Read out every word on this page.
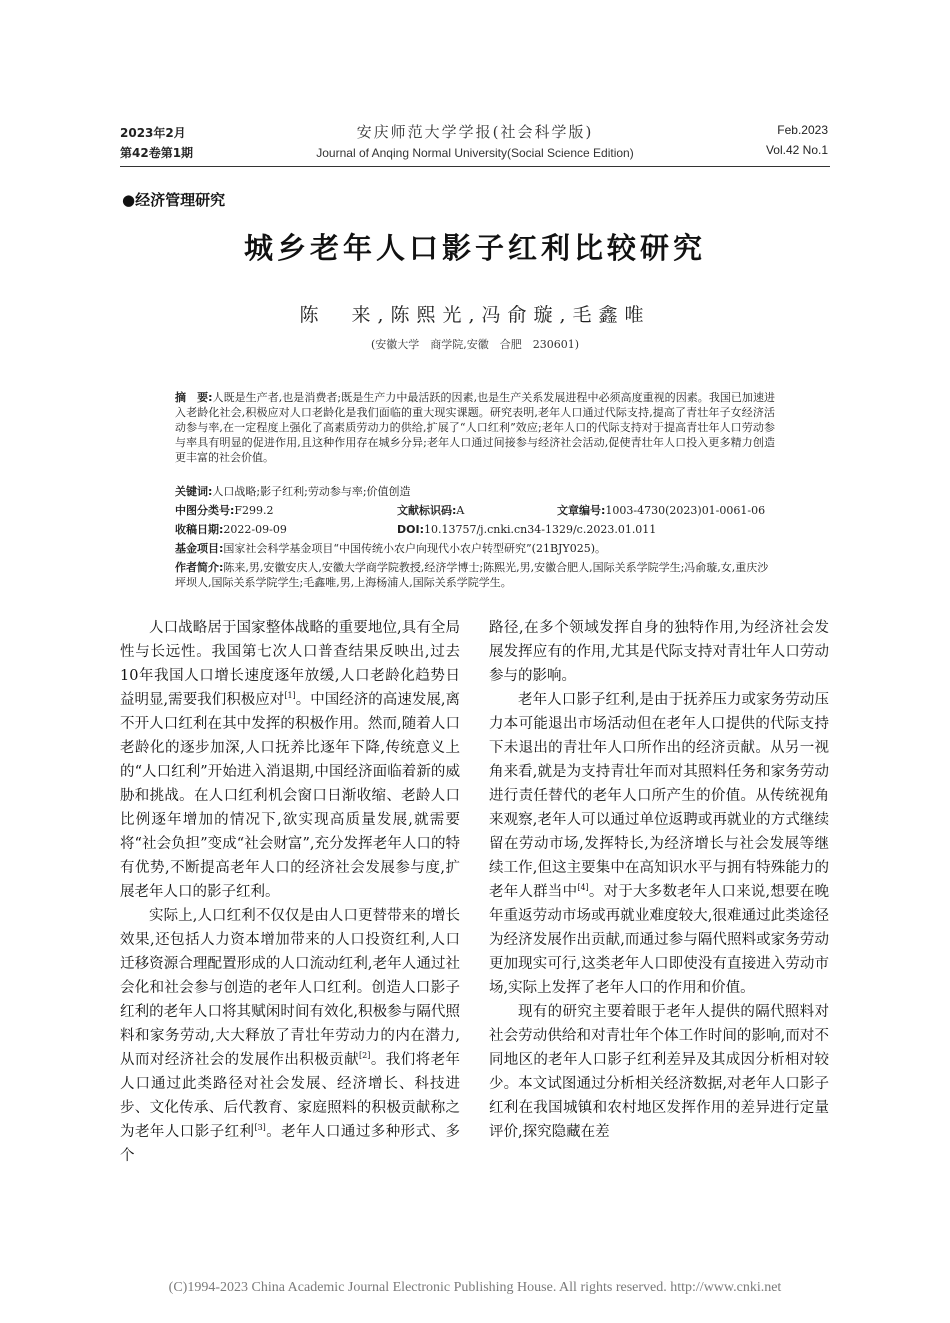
2023年2月
第42卷第1期
安庆师范大学学报(社会科学版)
Journal of Anqing Normal University(Social Science Edition)
Feb.2023
Vol.42 No.1
●经济管理研究
城乡老年人口影子红利比较研究
陈　来,陈熙光,冯俞璇,毛鑫唯
(安徽大学　商学院,安徽　合肥　230601)
摘　要:人既是生产者,也是消费者;既是生产力中最活跃的因素,也是生产关系发展进程中必须高度重视的因素。我国已加速进入老龄化社会,积极应对人口老龄化是我们面临的重大现实课题。研究表明,老年人口通过代际支持,提高了青壮年子女经济活动参与率,在一定程度上强化了高素质劳动力的供给,扩展了“人口红利”效应;老年人口的代际支持对于提高青壮年人口劳动参与率具有明显的促进作用,且这种作用存在城乡分异;老年人口通过间接参与经济社会活动,促使青壮年人口投入更多精力创造更丰富的社会价值。
关键词:人口战略;影子红利;劳动参与率;价值创造
中图分类号:F299.2	文献标识码:A	文章编号:1003-4730(2023)01-0061-06
收稿日期:2022-09-09	DOI:10.13757/j.cnki.cn34-1329/c.2023.01.011
基金项目:国家社会科学基金项目“中国传统小农户向现代小农户转型研究”(21BJY025)。
作者简介:陈来,男,安徽安庆人,安徽大学商学院教授,经济学博士;陈熙光,男,安徽合肥人,国际关系学院学生;冯俞璇,女,重庆沙坪坝人,国际关系学院学生;毛鑫唯,男,上海杨浦人,国际关系学院学生。

人口战略居于国家整体战略的重要地位,具有全局性与长远性。我国第七次人口普查结果反映出,过去10年我国人口增长速度逐年放缓,人口老龄化趋势日益明显,需要我们积极应对[1]。中国经济的高速发展,离不开人口红利在其中发挥的积极作用。然而,随着人口老龄化的逐步加深,人口抚养比逐年下降,传统意义上的“人口红利”开始进入消退期,中国经济面临着新的威胁和挑战。在人口红利机会窗口日渐收缩、老龄人口比例逐年增加的情况下,欲实现高质量发展,就需要将“社会负担”变成“社会财富”,充分发挥老年人口的特有优势,不断提高老年人口的经济社会发展参与度,扩展老年人口的影子红利。

实际上,人口红利不仅仅是由人口更替带来的增长效果,还包括人力资本增加带来的人口投资红利,人口迁移资源合理配置形成的人口流动红利,老年人通过社会化和社会参与创造的老年人口红利。创造人口影子红利的老年人口将其赋闲时间有效化,积极参与隔代照料和家务劳动,大大释放了青壮年劳动力的内在潜力,从而对经济社会的发展作出积极贡献[2]。我们将老年人口通过此类路径对社会发展、经济增长、科技进步、文化传承、后代教育、家庭照料的积极贡献称之为老年人口影子红利[3]。老年人口通过多种形式、多个

路径,在多个领域发挥自身的独特作用,为经济社会发展发挥应有的作用,尤其是代际支持对青壮年人口劳动参与的影响。

老年人口影子红利,是由于抚养压力或家务劳动压力本可能退出市场活动但在老年人口提供的代际支持下未退出的青壮年人口所作出的经济贡献。从另一视角来看,就是为支持青壮年而对其照料任务和家务劳动进行责任替代的老年人口所产生的价值。从传统视角来观察,老年人可以通过单位返聘或再就业的方式继续留在劳动市场,发挥特长,为经济增长与社会发展等继续工作,但这主要集中在高知识水平与拥有特殊能力的老年人群当中[4]。对于大多数老年人口来说,想要在晚年重返劳动市场或再就业难度较大,很难通过此类途径为经济发展作出贡献,而通过参与隔代照料或家务劳动更加现实可行,这类老年人口即使没有直接进入劳动市场,实际上发挥了老年人口的作用和价值。

现有的研究主要着眼于老年人提供的隔代照料对社会劳动供给和对青壮年个体工作时间的影响,而对不同地区的老年人口影子红利差异及其成因分析相对较少。本文试图通过分析相关经济数据,对老年人口影子红利在我国城镇和农村地区发挥作用的差异进行定量评价,探究隐藏在差

(C)1994-2023 China Academic Journal Electronic Publishing House. All rights reserved. http://www.cnki.net
